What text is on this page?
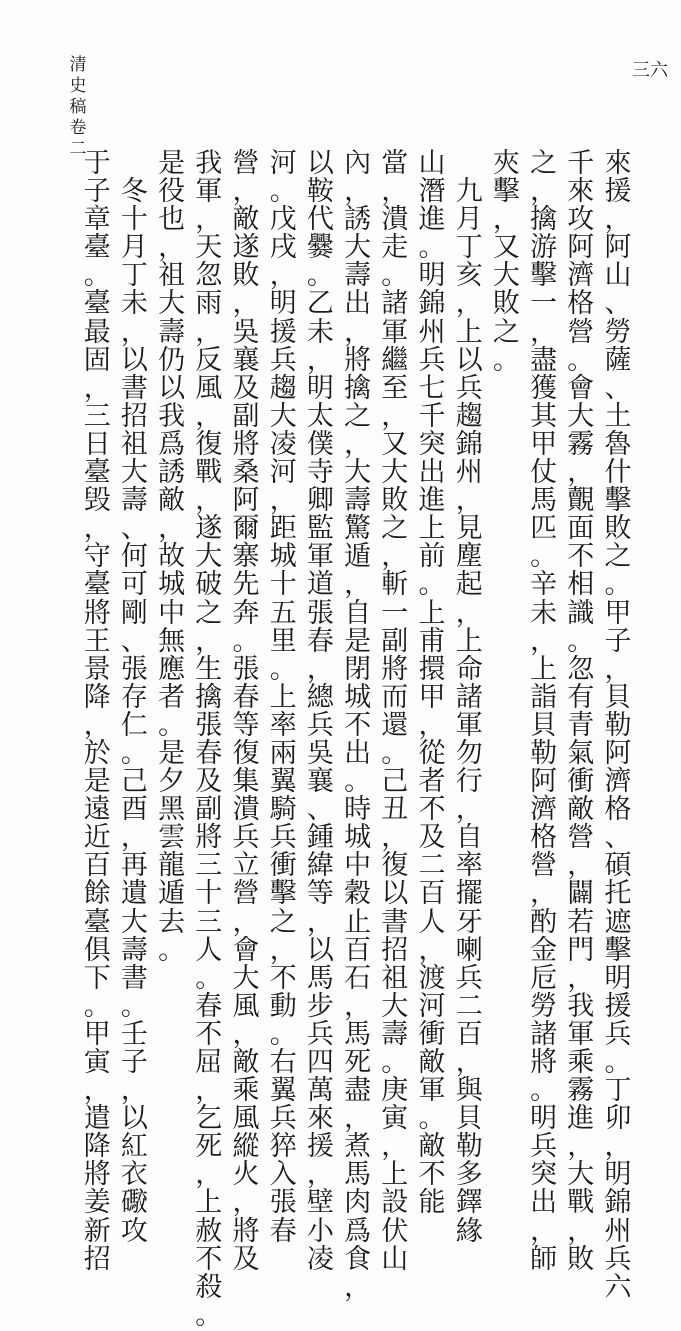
清
史
稿
卷
二
三六
來
援
，
阿
山
、
勞
薩
、
土
魯
什
擊
敗
之
。
甲
子
，
貝
勒
阿
濟
格
、
碩
托
遮
擊
明
援
兵
。
丁
卯
，
明
錦
州
兵
六
千
來
攻
阿
濟
格
營
。
會
大
霧
，
覿
面
不
相
識
。
忽
有
青
氣
衝
敵
營
，
闢
若
門
，
我
軍
乘
霧
進
，
大
戰
，
敗
之
，
擒
游
擊
一
，
盡
獲
其
甲
仗
馬
匹
。
辛
未
，
上
詣
貝
勒
阿
濟
格
營
，
酌
金
卮
勞
諸
將
。
明
兵
突
出
，
師
夾
擊
，
又
大
敗
之
。

九
月
丁
亥
，
上
以
兵
趨
錦
州
，
見
塵
起
，
上
命
諸
軍
勿
行
，
自
率
擺
牙
喇
兵
二
百
，
與
貝
勒
多
鐸
緣
山
潛
進
。
明
錦
州
兵
七
千
突
出
進
上
前
。
上
甫
擐
甲
，
從
者
不
及
二
百
人
，
渡
河
衝
敵
軍
。
敵
不
能
當
，
潰
走
。
諸
軍
繼
至
，
又
大
敗
之
，
斬
一
副
將
而
還
。
己
丑
，
復
以
書
招
祖
大
壽
。
庚
寅
，
上
設
伏
山
內
，
誘
大
壽
出
，
將
擒
之
，
大
壽
驚
遁
，
自
是
閉
城
不
出
。
時
城
中
穀
止
百
石
，
馬
死
盡
，
煮
馬
肉
爲
食
，
以
鞍
代
爨
。
乙
未
，
明
太
僕
寺
卿
監
軍
道
張
春
，
總
兵
吳
襄
、
鍾
緯
等
，
以
馬
步
兵
四
萬
來
援
，
壁
小
凌
河
。
戊
戌
，
明
援
兵
趨
大
凌
河
，
距
城
十
五
里
。
上
率
兩
翼
騎
兵
衝
擊
之
，
不
動
。
右
翼
兵
猝
入
張
春
營
，
敵
遂
敗
，
吳
襄
及
副
將
桑
阿
爾
寨
先
奔
。
張
春
等
復
集
潰
兵
立
營
，
會
大
風
，
敵
乘
風
縱
火
，
將
及
我
軍
，
天
忽
雨
，
反
風
，
復
戰
，
遂
大
破
之
，
生
擒
張
春
及
副
將
三
十
三
人
。
春
不
屈
，
乞
死
，
上
赦
不
殺
。
是
役
也
，
祖
大
壽
仍
以
我
爲
誘
敵
，
故
城
中
無
應
者
。
是
夕
黑
雲
龍
遁
去
。

冬
十
月
丁
未
，
以
書
招
祖
大
壽
、
何
可
剛
、
張
存
仁
。
己
酉
，
再
遺
大
壽
書
。
壬
子
，
以
紅
衣
礮
攻
于
子
章
臺
。
臺
最
固
，
三
日
臺
毁
，
守
臺
將
王
景
降
，
於
是
遠
近
百
餘
臺
俱
下
。
甲
寅
，
遣
降
將
姜
新
招
